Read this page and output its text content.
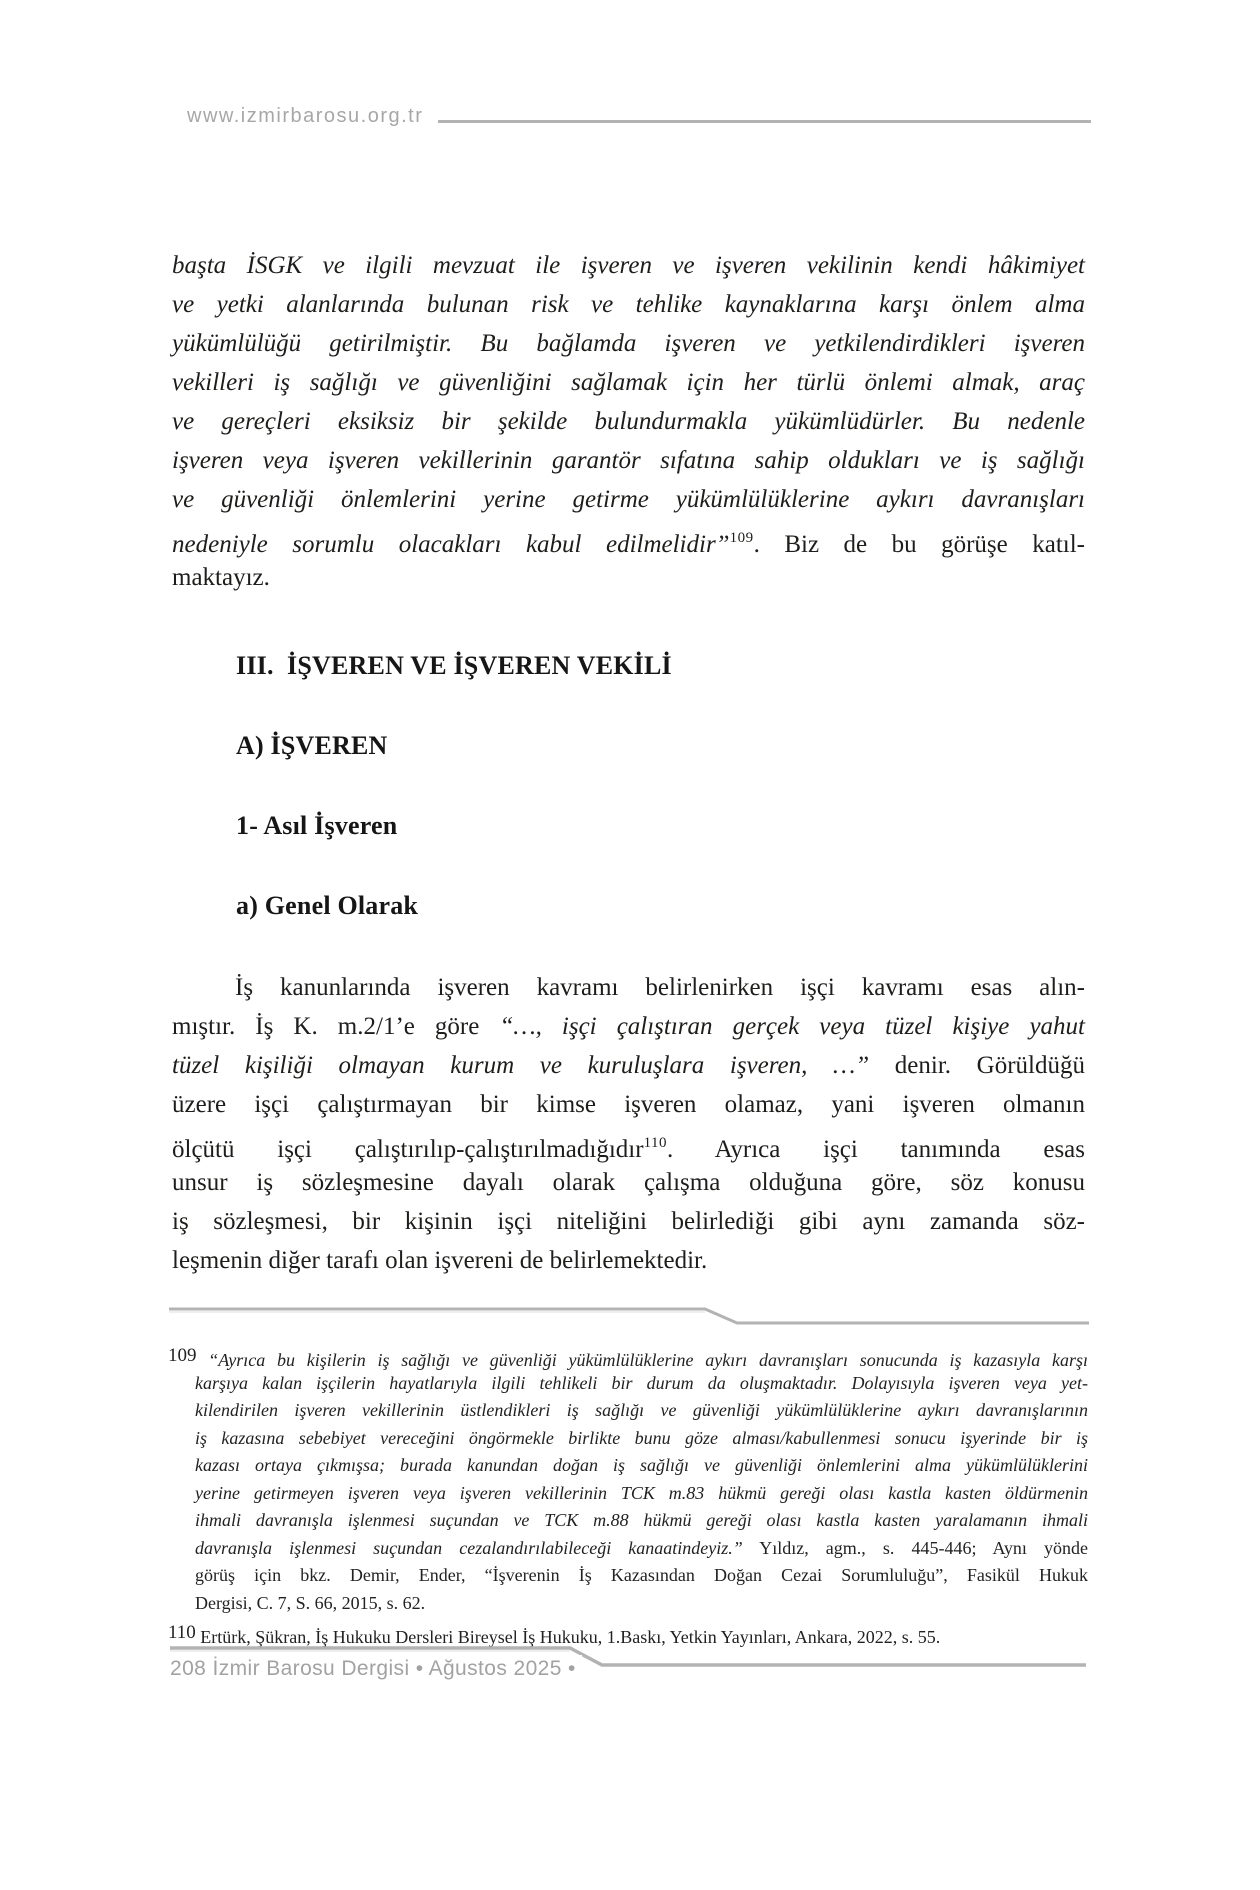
www.izmirbarosu.org.tr
başta İSGK ve ilgili mevzuat ile işveren ve işveren vekilinin kendi hâkimiyet
ve yetki alanlarında bulunan risk ve tehlike kaynaklarına karşı önlem alma
yükümlülüğü getirilmiştir. Bu bağlamda işveren ve yetkilendirdikleri işveren
vekilleri iş sağlığı ve güvenliğini sağlamak için her türlü önlemi almak, araç
ve gereçleri eksiksiz bir şekilde bulundurmakla yükümlüdürler. Bu nedenle
işveren veya işveren vekillerinin garantör sıfatına sahip oldukları ve iş sağlığı
ve güvenliği önlemlerini yerine getirme yükümlülüklerine aykırı davranışları
nedeniyle sorumlu olacakları kabul edilmelidir”$^{109}$. Biz de bu görüşe katıl-
maktayız.
III.  İŞVEREN VE İŞVEREN VEKİLİ
A) İŞVEREN
1- Asıl İşveren
a) Genel Olarak
İş kanunlarında işveren kavramı belirlenirken işçi kavramı esas alın-
mıştır. İş K. m.2/1’e göre “…, işçi çalıştıran gerçek veya tüzel kişiye yahut
tüzel kişiliği olmayan kurum ve kuruluşlara işveren, …” denir. Görüldüğü
üzere işçi çalıştırmayan bir kimse işveren olamaz, yani işveren olmanın
ölçütü işçi çalıştırılıp-çalıştırılmadığıdır$^{110}$. Ayrıca işçi tanımında esas
unsur iş sözleşmesine dayalı olarak çalışma olduğuna göre, söz konusu
iş sözleşmesi, bir kişinin işçi niteliğini belirlediği gibi aynı zamanda söz-
leşmenin diğer tarafı olan işvereni de belirlemektedir.
109 “Ayrıca bu kişilerin iş sağlığı ve güvenliği yükümlülüklerine aykırı davranışları sonucunda iş kazasıyla karşı
karşıya kalan işçilerin hayatlarıyla ilgili tehlikeli bir durum da oluşmaktadır. Dolayısıyla işveren veya yet-
kilendirilen işveren vekillerinin üstlendikleri iş sağlığı ve güvenliği yükümlülüklerine aykırı davranışlarının
iş kazasına sebebiyet vereceğini öngörmekle birlikte bunu göze alması/kabullenmesi sonucu işyerinde bir iş
kazası ortaya çıkmışsa; burada kanundan doğan iş sağlığı ve güvenliği önlemlerini alma yükümlülüklerini
yerine getirmeyen işveren veya işveren vekillerinin TCK m.83 hükmü gereği olası kastla kasten öldürmenin
ihmali davranışla işlenmesi suçundan ve TCK m.88 hükmü gereği olası kastla kasten yaralamanın ihmali
davranışla işlenmesi suçundan cezalandırılabileceği kanaatindeyiz.” Yıldız, agm., s. 445-446; Aynı yönde
görüş için bkz. Demir, Ender, “İşverenin İş Kazasından Doğan Cezai Sorumluluğu”, Fasikül Hukuk
Dergisi, C. 7, S. 66, 2015, s. 62.
110 Ertürk, Şükran, İş Hukuku Dersleri Bireysel İş Hukuku, 1.Baskı, Yetkin Yayınları, Ankara, 2022, s. 55.
208 İzmir Barosu Dergisi • Ağustos 2025 •
